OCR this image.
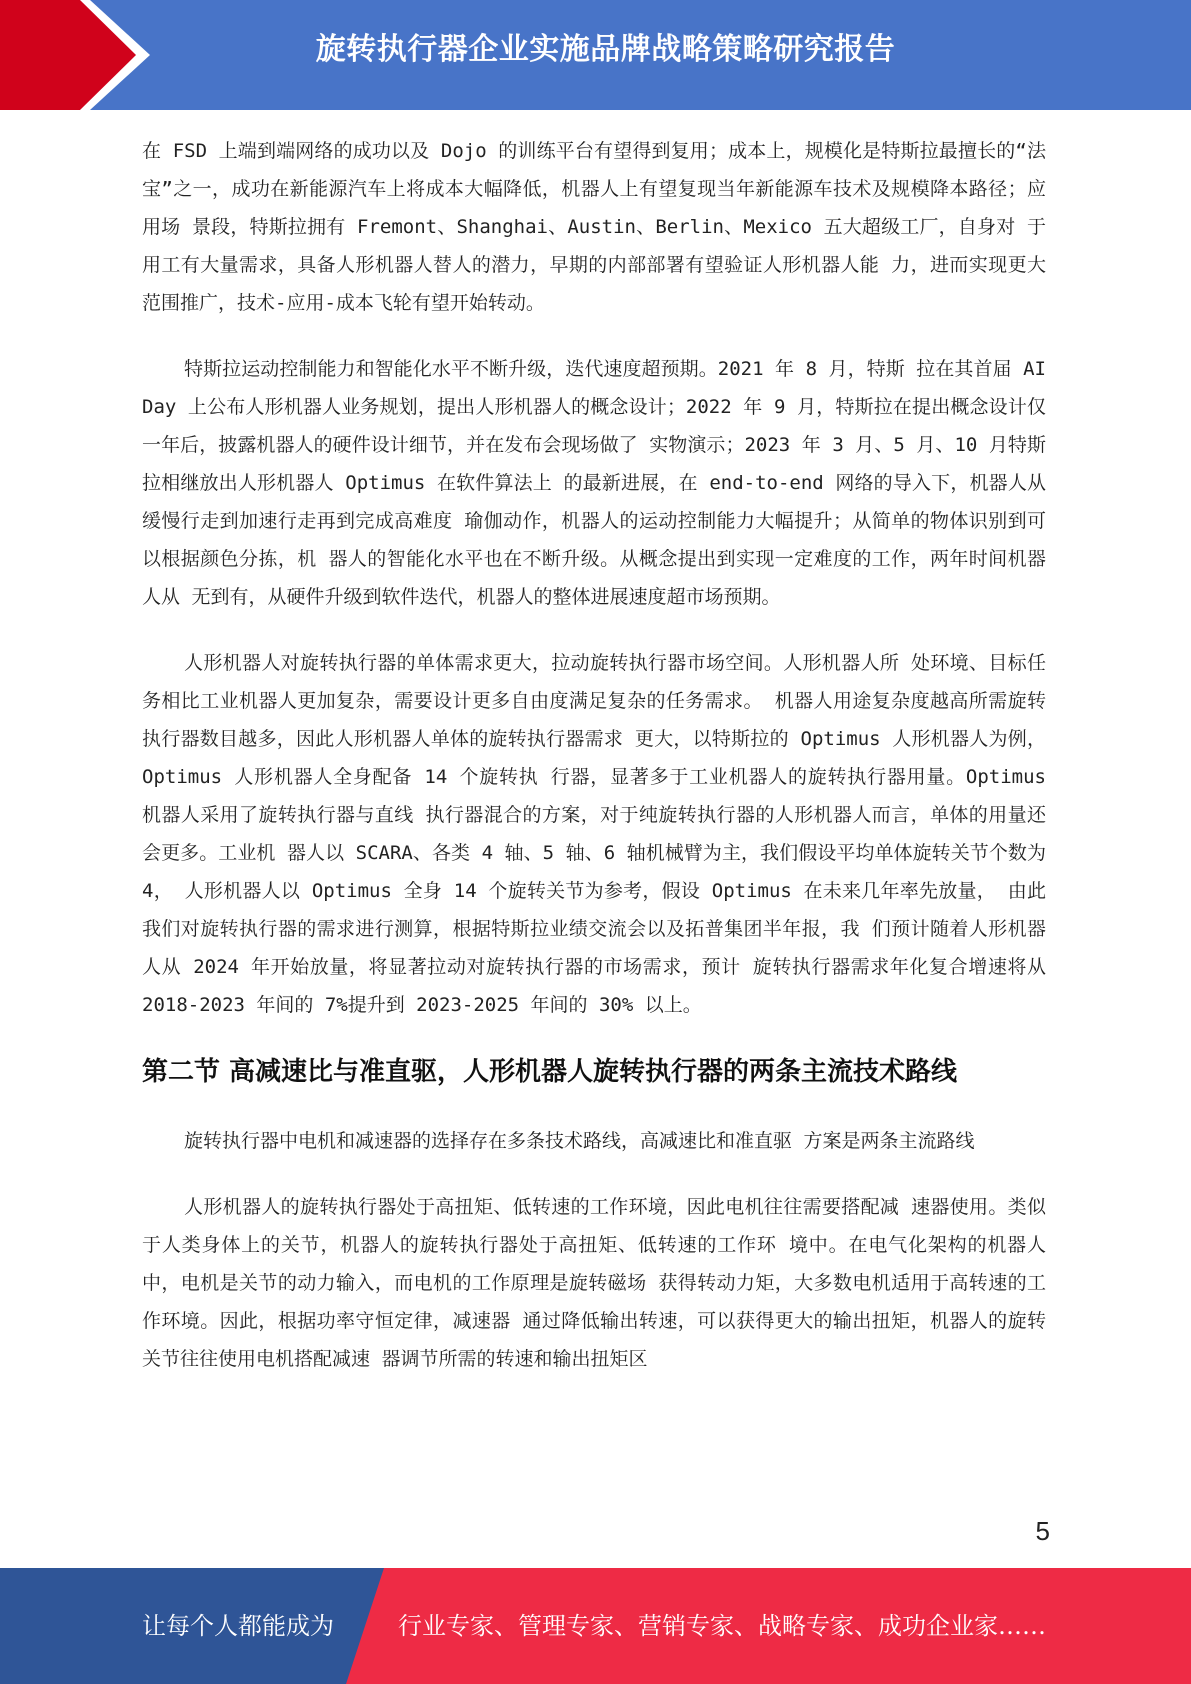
旋转执行器企业实施品牌战略策略研究报告

在 FSD 上端到端网络的成功以及 Dojo 的训练平台有望得到复用；成本上，规模化是特斯拉最擅长的“法宝”之一，成功在新能源汽车上将成本大幅降低，机器人上有望复现当年新能源车技术及规模降本路径；应用场 景段，特斯拉拥有 Fremont、Shanghai、Austin、Berlin、Mexico 五大超级工厂，自身对 于用工有大量需求，具备人形机器人替人的潜力，早期的内部部署有望验证人形机器人能 力，进而实现更大范围推广，技术-应用-成本飞轮有望开始转动。

特斯拉运动控制能力和智能化水平不断升级，迭代速度超预期。2021 年 8 月，特斯 拉在其首届 AI Day 上公布人形机器人业务规划，提出人形机器人的概念设计；2022 年 9 月，特斯拉在提出概念设计仅一年后，披露机器人的硬件设计细节，并在发布会现场做了 实物演示；2023 年 3 月、5 月、10 月特斯拉相继放出人形机器人 Optimus 在软件算法上 的最新进展，在 end-to-end 网络的导入下，机器人从缓慢行走到加速行走再到完成高难度 瑜伽动作，机器人的运动控制能力大幅提升；从简单的物体识别到可以根据颜色分拣，机 器人的智能化水平也在不断升级。从概念提出到实现一定难度的工作，两年时间机器人从 无到有，从硬件升级到软件迭代，机器人的整体进展速度超市场预期。

人形机器人对旋转执行器的单体需求更大，拉动旋转执行器市场空间。人形机器人所 处环境、目标任务相比工业机器人更加复杂，需要设计更多自由度满足复杂的任务需求。 机器人用途复杂度越高所需旋转执行器数目越多，因此人形机器人单体的旋转执行器需求 更大，以特斯拉的 Optimus 人形机器人为例，Optimus 人形机器人全身配备 14 个旋转执 行器，显著多于工业机器人的旋转执行器用量。Optimus 机器人采用了旋转执行器与直线 执行器混合的方案，对于纯旋转执行器的人形机器人而言，单体的用量还会更多。工业机 器人以 SCARA、各类 4 轴、5 轴、6 轴机械臂为主，我们假设平均单体旋转关节个数为 4， 人形机器人以 Optimus 全身 14 个旋转关节为参考，假设 Optimus 在未来几年率先放量， 由此我们对旋转执行器的需求进行测算，根据特斯拉业绩交流会以及拓普集团半年报，我 们预计随着人形机器人从 2024 年开始放量，将显著拉动对旋转执行器的市场需求，预计 旋转执行器需求年化复合增速将从 2018-2023 年间的 7%提升到 2023-2025 年间的 30% 以上。

第二节 高减速比与准直驱，人形机器人旋转执行器的两条主流技术路线

旋转执行器中电机和减速器的选择存在多条技术路线，高减速比和准直驱 方案是两条主流路线

人形机器人的旋转执行器处于高扭矩、低转速的工作环境，因此电机往往需要搭配减 速器使用。类似于人类身体上的关节，机器人的旋转执行器处于高扭矩、低转速的工作环 境中。在电气化架构的机器人中，电机是关节的动力输入，而电机的工作原理是旋转磁场 获得转动力矩，大多数电机适用于高转速的工作环境。因此，根据功率守恒定律，减速器 通过降低输出转速，可以获得更大的输出扭矩，机器人的旋转关节往往使用电机搭配减速 器调节所需的转速和输出扭矩区

5
让每个人都能成为	行业专家、管理专家、营销专家、战略专家、成功企业家……
